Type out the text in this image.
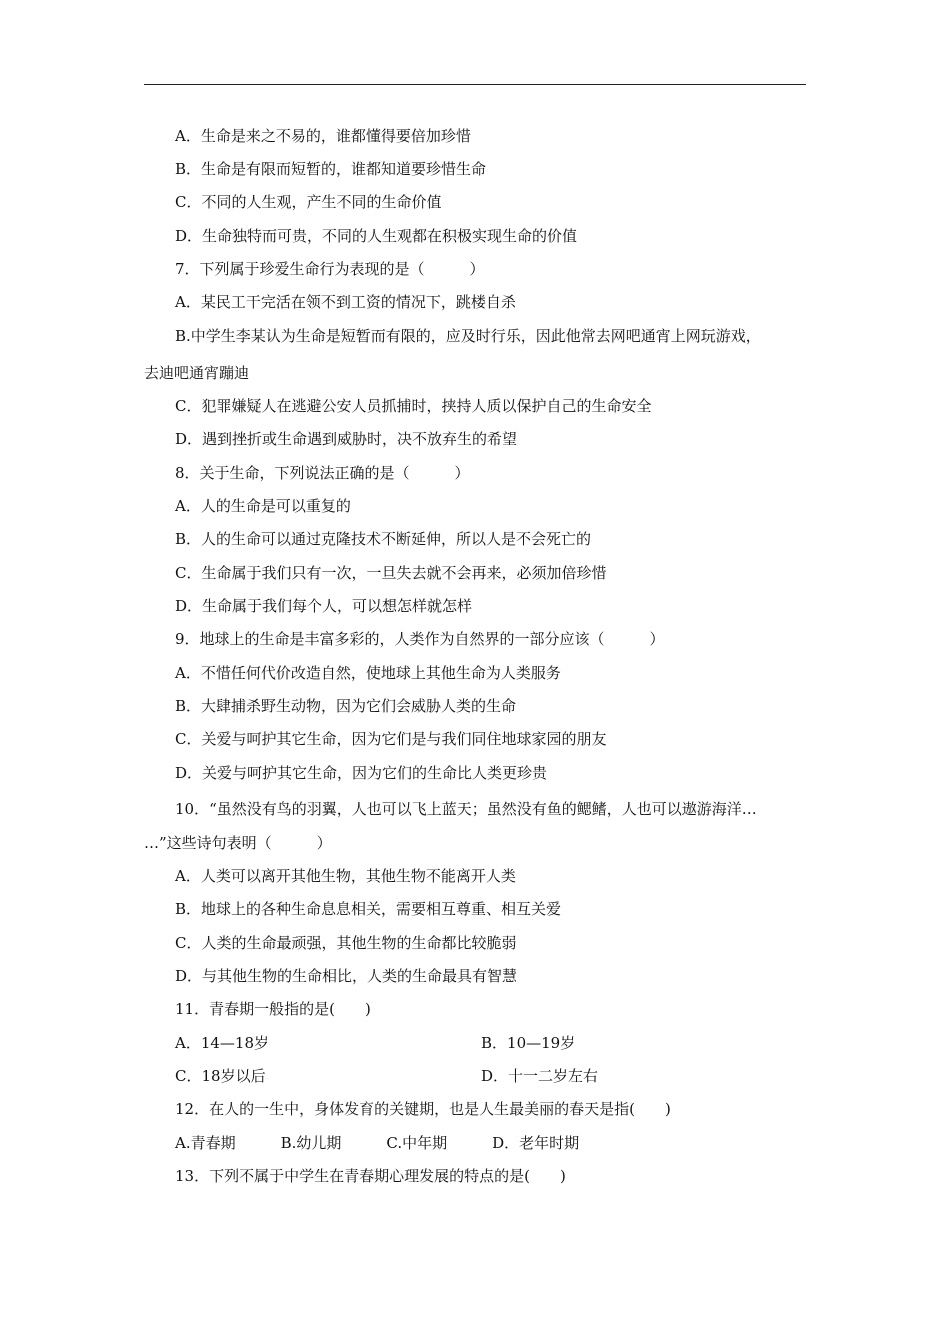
A．生命是来之不易的，谁都懂得要倍加珍惜
B．生命是有限而短暂的，谁都知道要珍惜生命
C．不同的人生观，产生不同的生命价值
D．生命独特而可贵，不同的人生观都在积极实现生命的价值
7．下列属于珍爱生命行为表现的是（　　　）
A．某民工干完活在领不到工资的情况下，跳楼自杀
B.中学生李某认为生命是短暂而有限的，应及时行乐，因此他常去网吧通宵上网玩游戏，
去迪吧通宵蹦迪
C．犯罪嫌疑人在逃避公安人员抓捕时，挟持人质以保护自己的生命安全
D．遇到挫折或生命遇到威胁时，决不放弃生的希望
8．关于生命，下列说法正确的是（　　　）
A．人的生命是可以重复的
B．人的生命可以通过克隆技术不断延伸，所以人是不会死亡的
C．生命属于我们只有一次，一旦失去就不会再来，必须加倍珍惜
D．生命属于我们每个人，可以想怎样就怎样
9．地球上的生命是丰富多彩的，人类作为自然界的一部分应该（　　　）
A．不惜任何代价改造自然，使地球上其他生命为人类服务
B．大肆捕杀野生动物，因为它们会威胁人类的生命
C．关爱与呵护其它生命，因为它们是与我们同住地球家园的朋友
D．关爱与呵护其它生命，因为它们的生命比人类更珍贵
10．“虽然没有鸟的羽翼，人也可以飞上蓝天；虽然没有鱼的鳃鳍，人也可以遨游海洋…
…”这些诗句表明（　　　）
A．人类可以离开其他生物，其他生物不能离开人类
B．地球上的各种生命息息相关，需要相互尊重、相互关爱
C．人类的生命最顽强，其他生物的生命都比较脆弱
D．与其他生物的生命相比，人类的生命最具有智慧
11．青春期一般指的是(　　)
A．14—18岁	B．10—19岁
C．18岁以后	D．十一二岁左右
12．在人的一生中，身体发育的关键期，也是人生最美丽的春天是指(　　)
A.青春期　　　B.幼儿期　　　C.中年期　　　D．老年时期
13．下列不属于中学生在青春期心理发展的特点的是(　　)
